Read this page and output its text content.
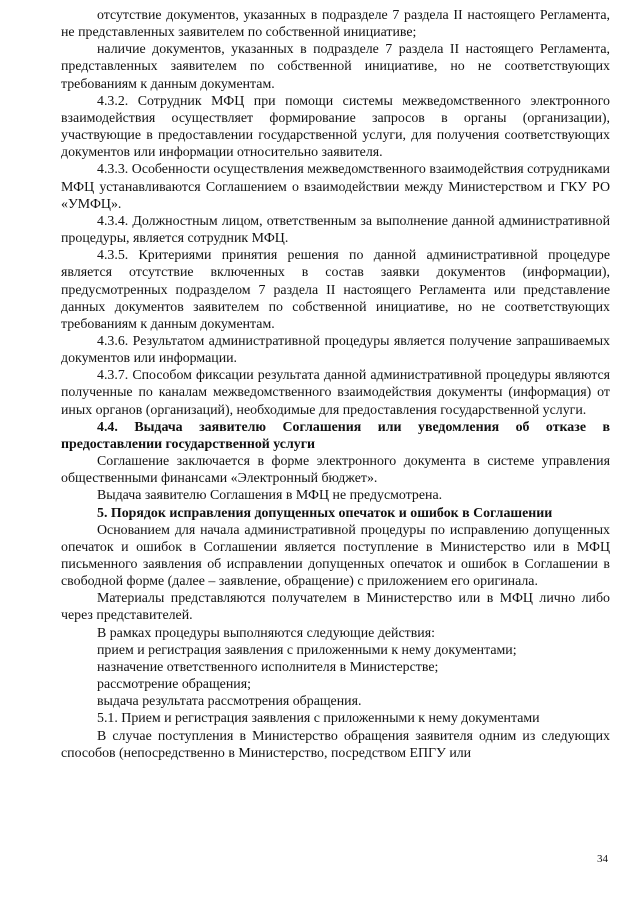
отсутствие документов, указанных в подразделе 7 раздела II настоящего Регламента, не представленных заявителем по собственной инициативе;

наличие документов, указанных в подразделе 7 раздела II настоящего Регламента, представленных заявителем по собственной инициативе, но не соответствующих требованиям к данным документам.

4.3.2. Сотрудник МФЦ при помощи системы межведомственного электронного взаимодействия осуществляет формирование запросов в органы (организации), участвующие в предоставлении государственной услуги, для получения соответствующих документов или информации относительно заявителя.

4.3.3. Особенности осуществления межведомственного взаимодействия сотрудниками МФЦ устанавливаются Соглашением о взаимодействии между Министерством и ГКУ РО «УМФЦ».

4.3.4. Должностным лицом, ответственным за выполнение данной административной процедуры, является сотрудник МФЦ.

4.3.5. Критериями принятия решения по данной административной процедуре является отсутствие включенных в состав заявки документов (информации), предусмотренных подразделом 7 раздела II настоящего Регламента или представление данных документов заявителем по собственной инициативе, но не соответствующих требованиям к данным документам.

4.3.6. Результатом административной процедуры является получение запрашиваемых документов или информации.

4.3.7. Способом фиксации результата данной административной процедуры являются полученные по каналам межведомственного взаимодействия документы (информация) от иных органов (организаций), необходимые для предоставления государственной услуги.

4.4. Выдача заявителю Соглашения или уведомления об отказе в предоставлении государственной услуги

Соглашение заключается в форме электронного документа в системе управления общественными финансами «Электронный бюджет».

Выдача заявителю Соглашения в МФЦ не предусмотрена.

5. Порядок исправления допущенных опечаток и ошибок в Соглашении

Основанием для начала административной процедуры по исправлению допущенных опечаток и ошибок в Соглашении является поступление в Министерство или в МФЦ письменного заявления об исправлении допущенных опечаток и ошибок в Соглашении в свободной форме (далее – заявление, обращение) с приложением его оригинала.

Материалы представляются получателем в Министерство или в МФЦ лично либо через представителей.

В рамках процедуры выполняются следующие действия:

прием и регистрация заявления с приложенными к нему документами;

назначение ответственного исполнителя в Министерстве;

рассмотрение обращения;

выдача результата рассмотрения обращения.

5.1. Прием и регистрация заявления с приложенными к нему документами

В случае поступления в Министерство обращения заявителя одним из следующих способов (непосредственно в Министерство, посредством ЕПГУ или

34
